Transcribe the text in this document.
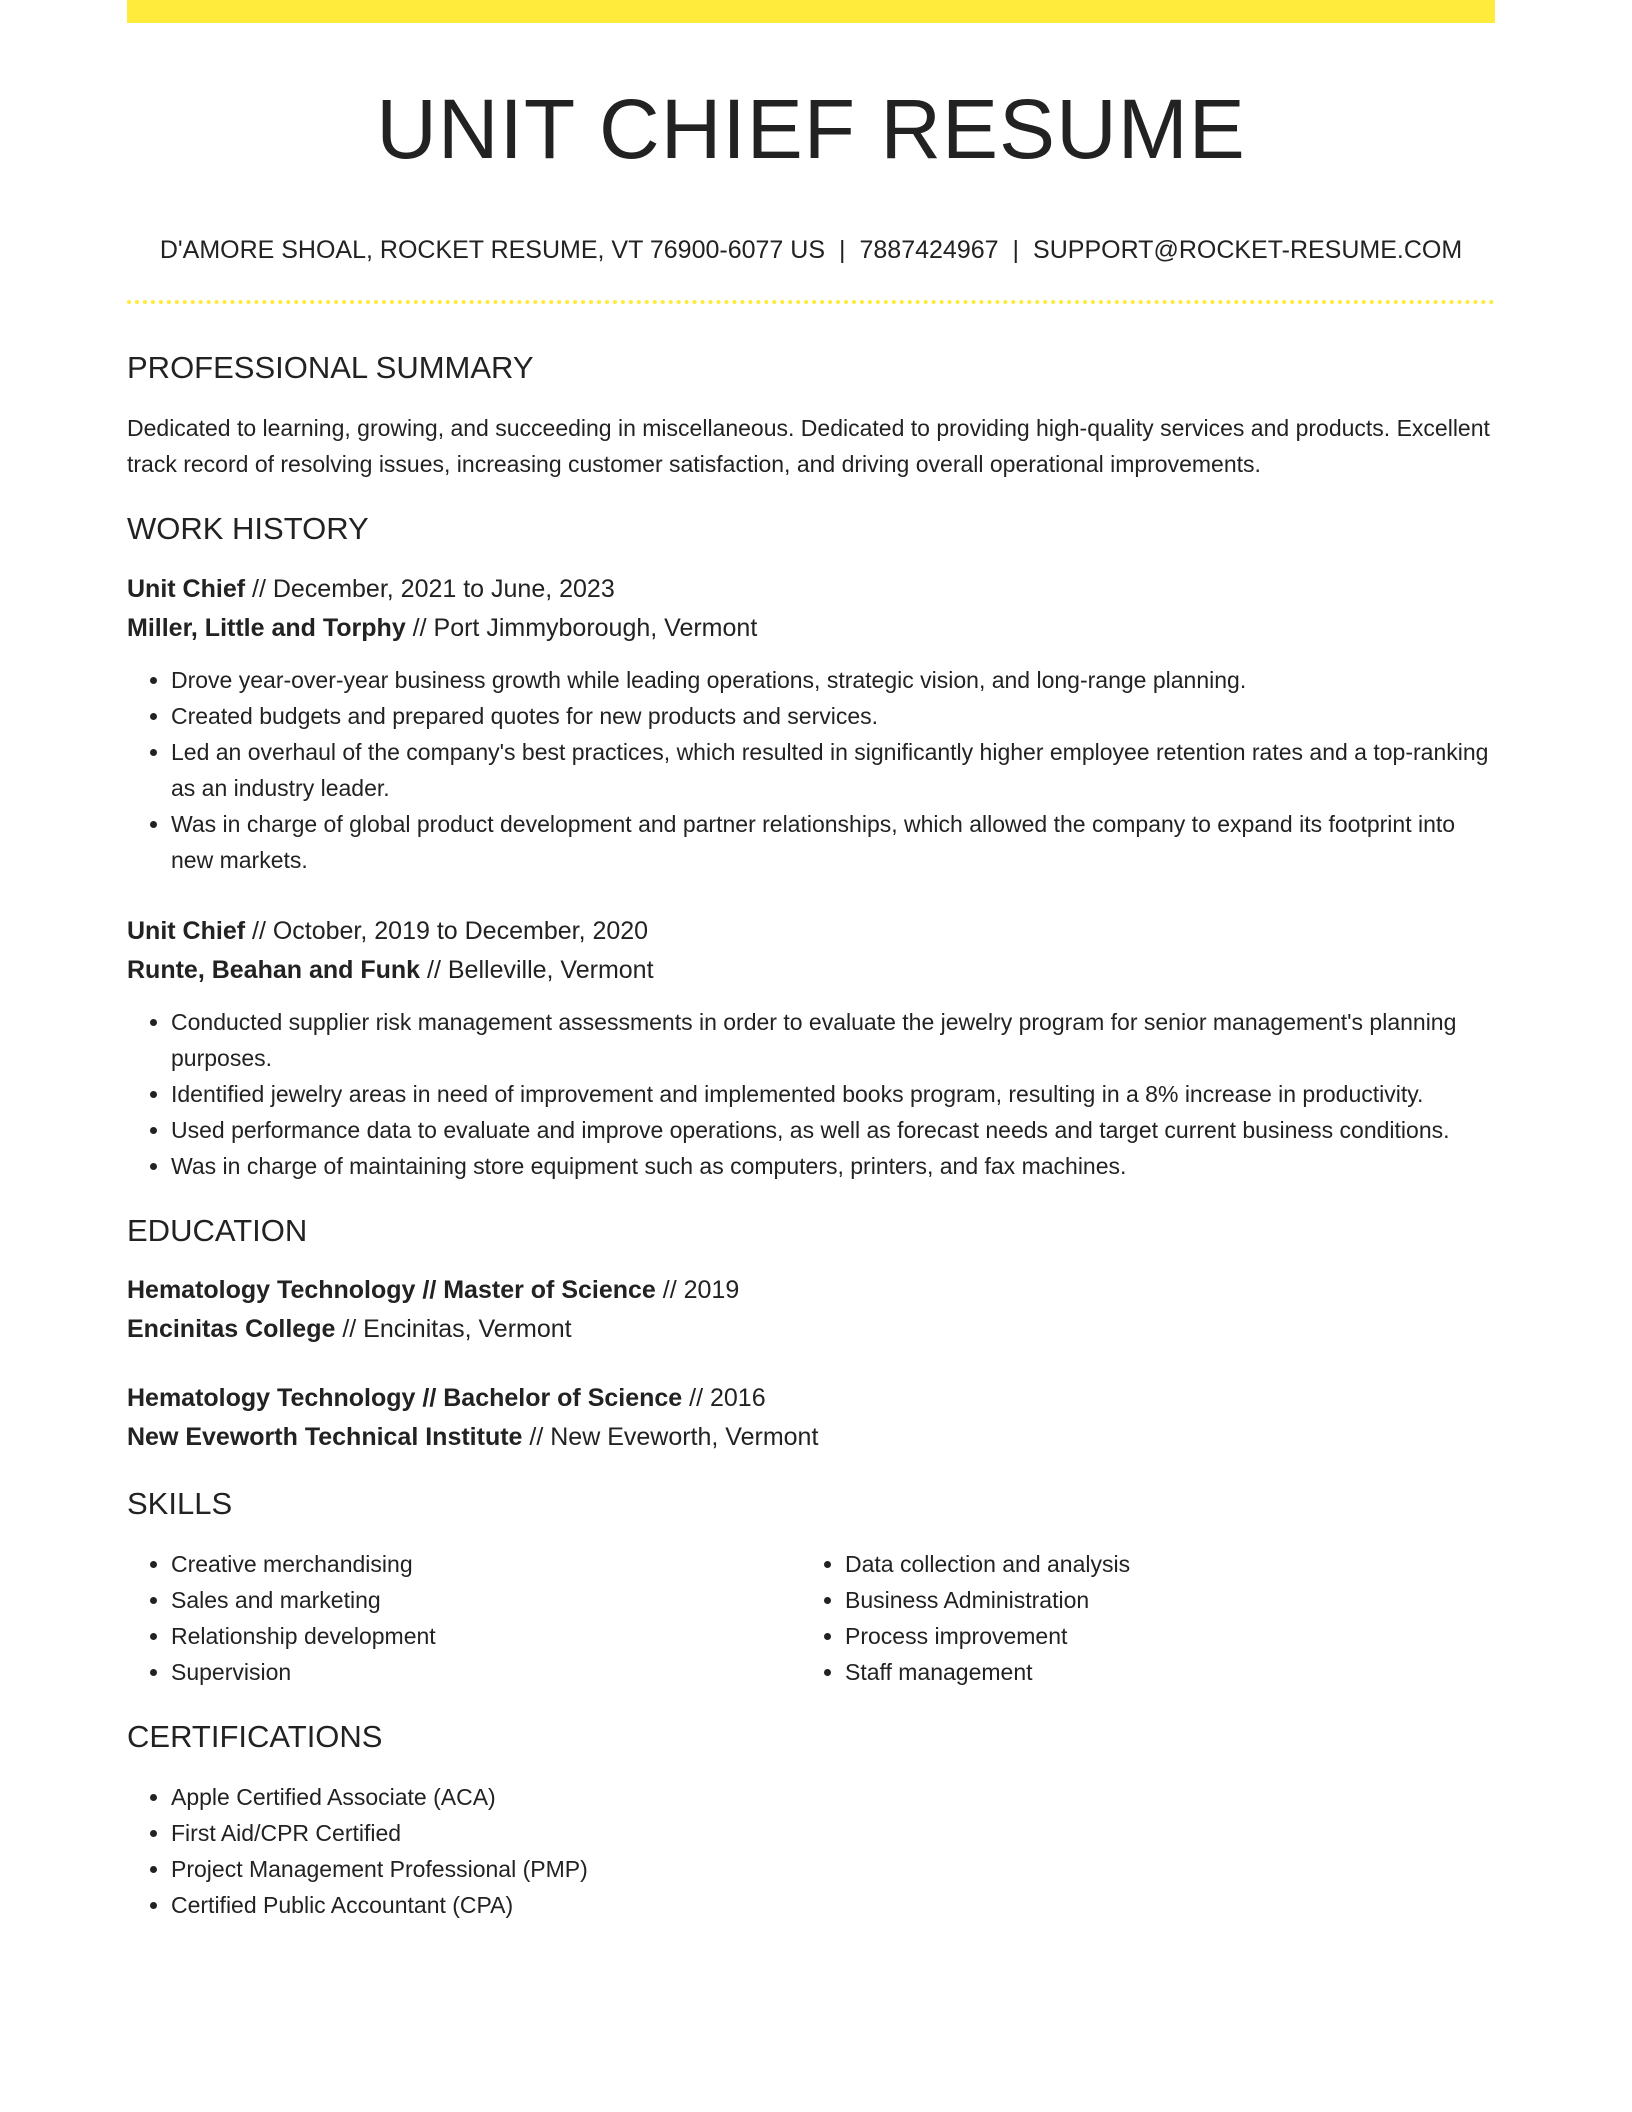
UNIT CHIEF RESUME
D'AMORE SHOAL, ROCKET RESUME, VT 76900-6077 US | 7887424967 | SUPPORT@ROCKET-RESUME.COM
PROFESSIONAL SUMMARY
Dedicated to learning, growing, and succeeding in miscellaneous. Dedicated to providing high-quality services and products. Excellent track record of resolving issues, increasing customer satisfaction, and driving overall operational improvements.
WORK HISTORY
Unit Chief // December, 2021 to June, 2023
Miller, Little and Torphy // Port Jimmyborough, Vermont
• Drove year-over-year business growth while leading operations, strategic vision, and long-range planning.
• Created budgets and prepared quotes for new products and services.
• Led an overhaul of the company's best practices, which resulted in significantly higher employee retention rates and a top-ranking as an industry leader.
• Was in charge of global product development and partner relationships, which allowed the company to expand its footprint into new markets.
Unit Chief // October, 2019 to December, 2020
Runte, Beahan and Funk // Belleville, Vermont
• Conducted supplier risk management assessments in order to evaluate the jewelry program for senior management's planning purposes.
• Identified jewelry areas in need of improvement and implemented books program, resulting in a 8% increase in productivity.
• Used performance data to evaluate and improve operations, as well as forecast needs and target current business conditions.
• Was in charge of maintaining store equipment such as computers, printers, and fax machines.
EDUCATION
Hematology Technology // Master of Science // 2019
Encinitas College // Encinitas, Vermont
Hematology Technology // Bachelor of Science // 2016
New Eveworth Technical Institute // New Eveworth, Vermont
SKILLS
• Creative merchandising
• Sales and marketing
• Relationship development
• Supervision
• Data collection and analysis
• Business Administration
• Process improvement
• Staff management
CERTIFICATIONS
• Apple Certified Associate (ACA)
• First Aid/CPR Certified
• Project Management Professional (PMP)
• Certified Public Accountant (CPA)
